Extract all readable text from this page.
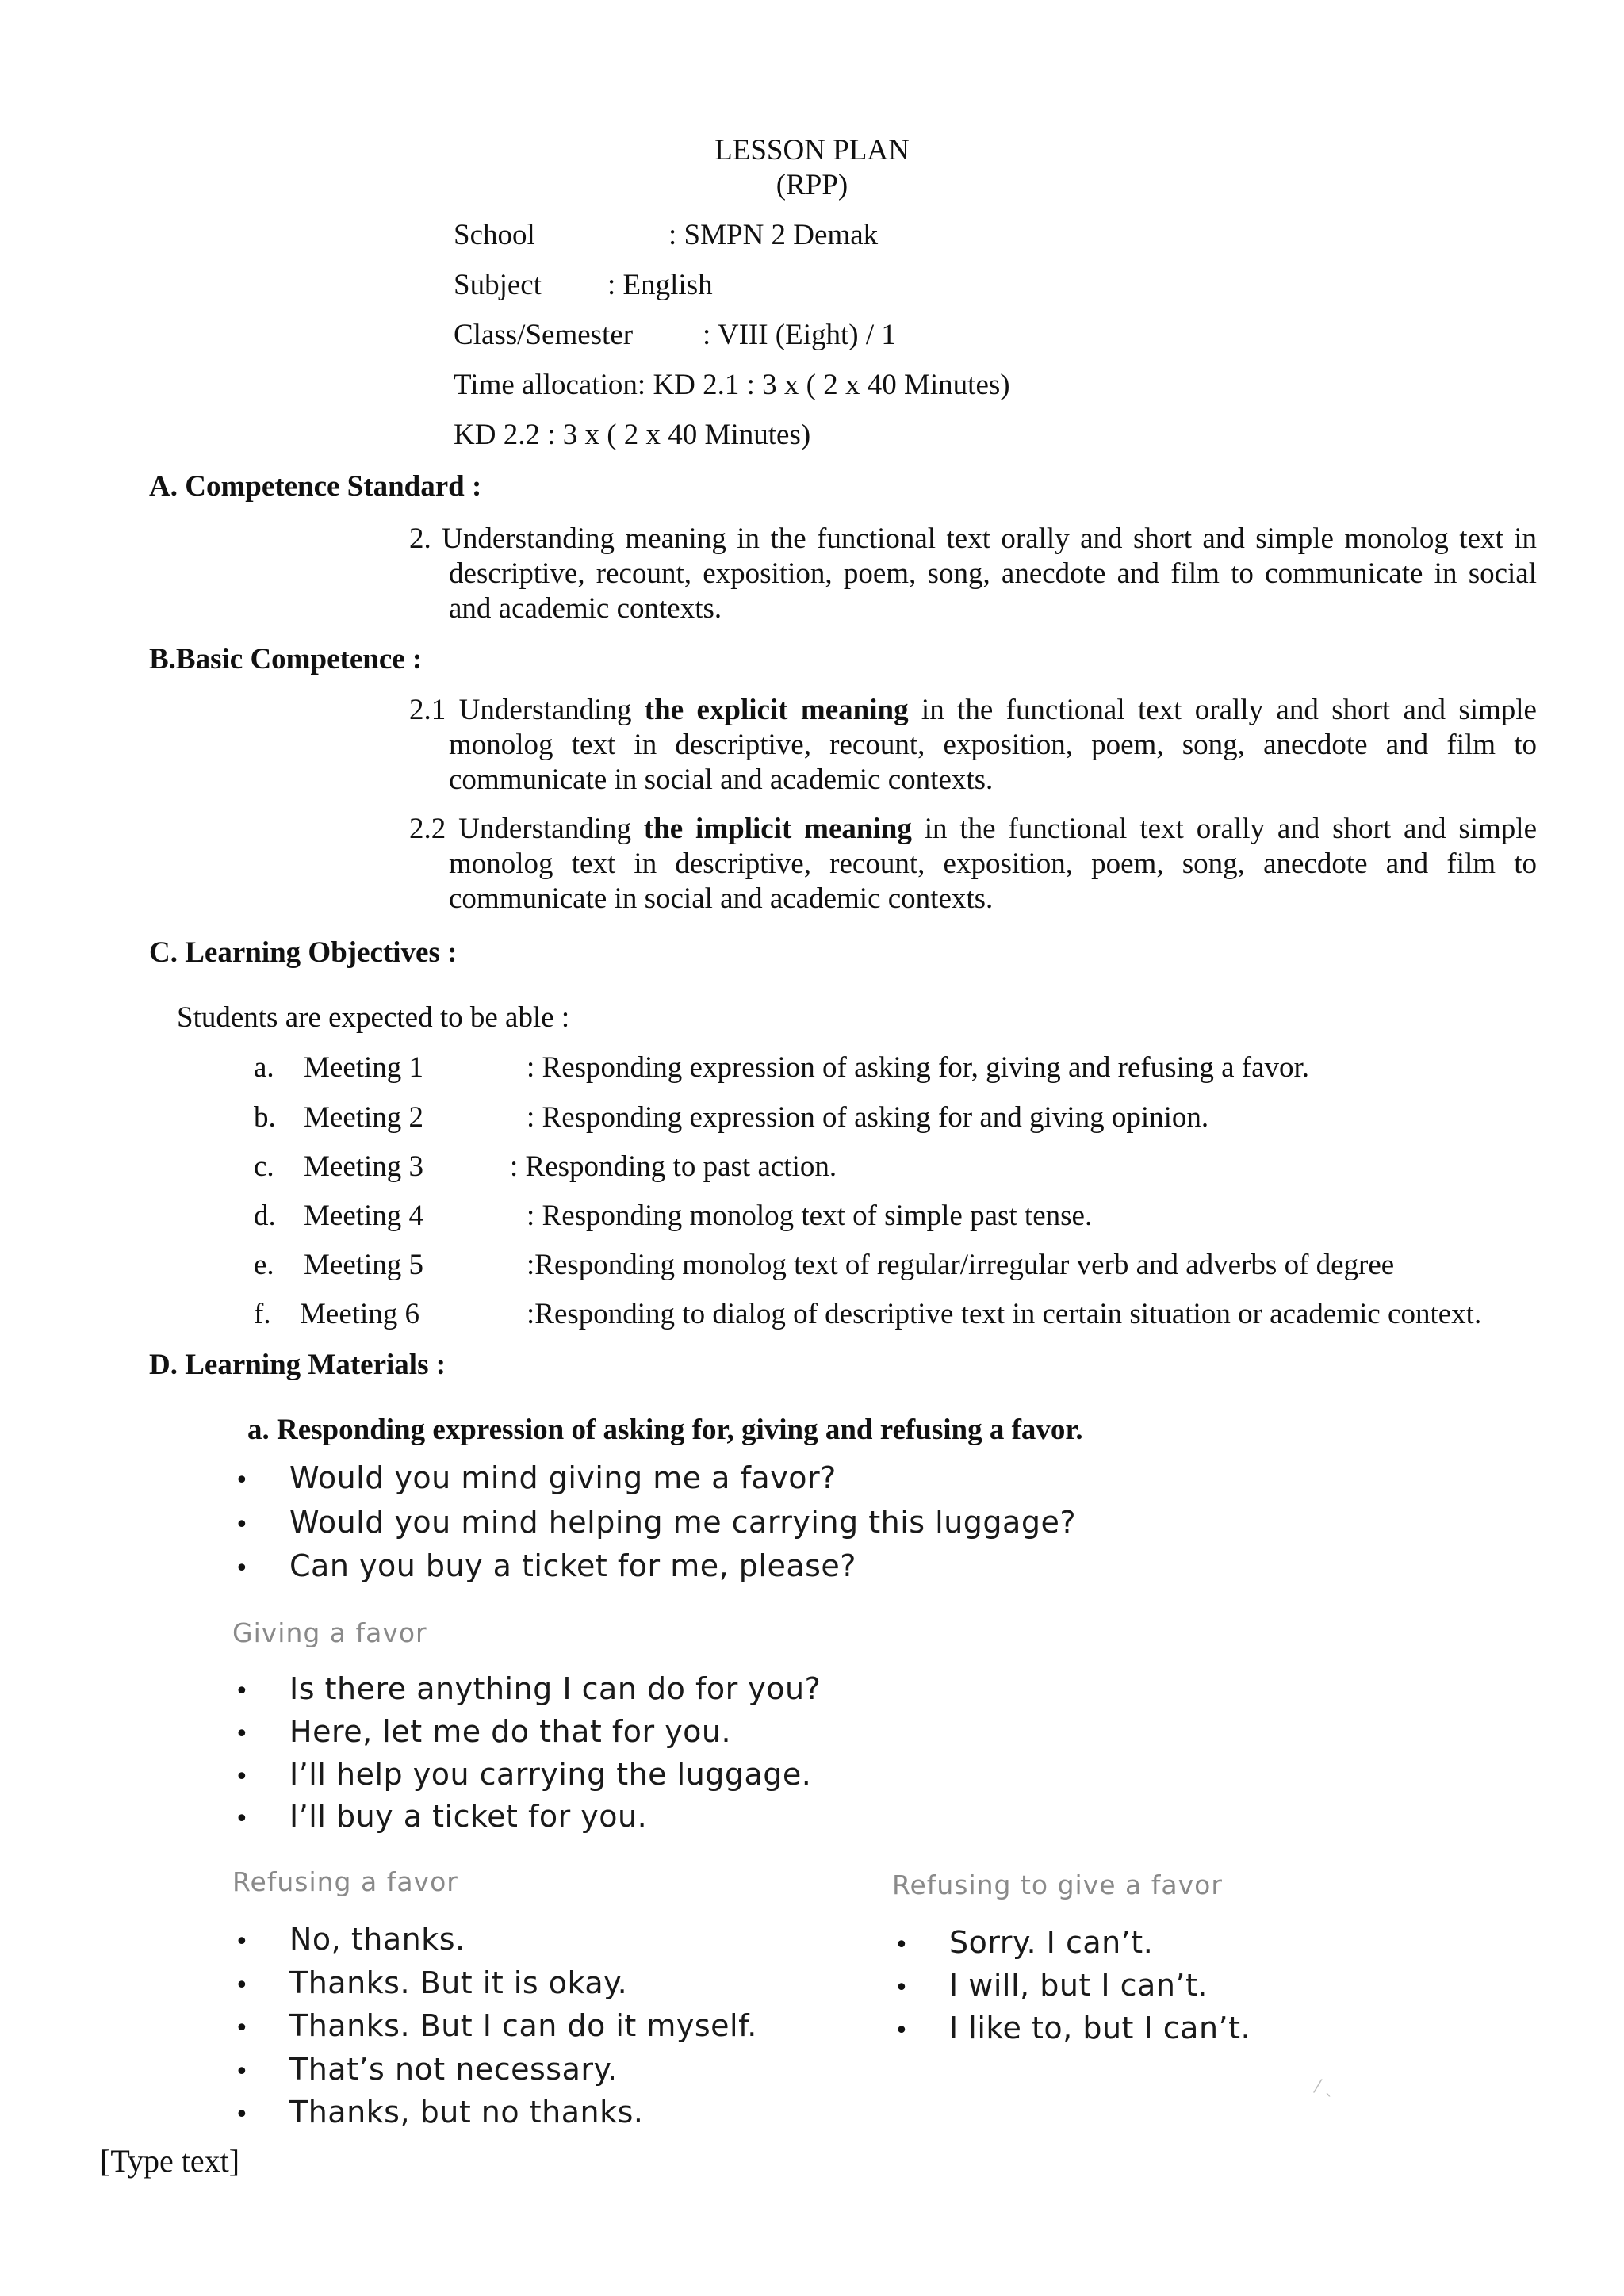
LESSON PLAN
(RPP)
School	: SMPN 2 Demak
Subject : English
Class/Semester : VIII (Eight) / 1
Time allocation: KD 2.1 : 3 x ( 2 x 40 Minutes)
KD 2.2 : 3 x ( 2 x 40 Minutes)
A. Competence Standard :
2. Understanding meaning in the functional text orally and short and simple monolog text in descriptive, recount, exposition, poem, song, anecdote and film to communicate in social and academic contexts.
B.Basic Competence :
2.1 Understanding the explicit meaning in the functional text orally and short and simple monolog text in descriptive, recount, exposition, poem, song, anecdote and film to communicate in social and academic contexts.
2.2 Understanding the implicit meaning in the functional text orally and short and simple monolog text in descriptive, recount, exposition, poem, song, anecdote and film to communicate in social and academic contexts.
C. Learning Objectives :
Students are expected to be able :
a. Meeting 1	: Responding expression of asking for, giving and refusing a favor.
b. Meeting 2	: Responding expression of asking for and giving opinion.
c. Meeting 3	: Responding to past action.
d. Meeting 4	: Responding monolog text of simple past tense.
e. Meeting 5	:Responding monolog text of regular/irregular verb and adverbs of degree
f. Meeting 6	:Responding to dialog of descriptive text in certain situation or academic context.
D. Learning Materials :
a. Responding expression of asking for, giving and refusing a favor.
• Would you mind giving me a favor?
• Would you mind helping me carrying this luggage?
• Can you buy a ticket for me, please?
Giving a favor
• Is there anything I can do for you?
• Here, let me do that for you.
• I’ll help you carrying the luggage.
• I’ll buy a ticket for you.
Refusing a favor
• No, thanks.
• Thanks. But it is okay.
• Thanks. But I can do it myself.
• That’s not necessary.
• Thanks, but no thanks.
Refusing to give a favor
• Sorry. I can’t.
• I will, but I can’t.
• I like to, but I can’t.
⁄ ˎ
[Type text]
